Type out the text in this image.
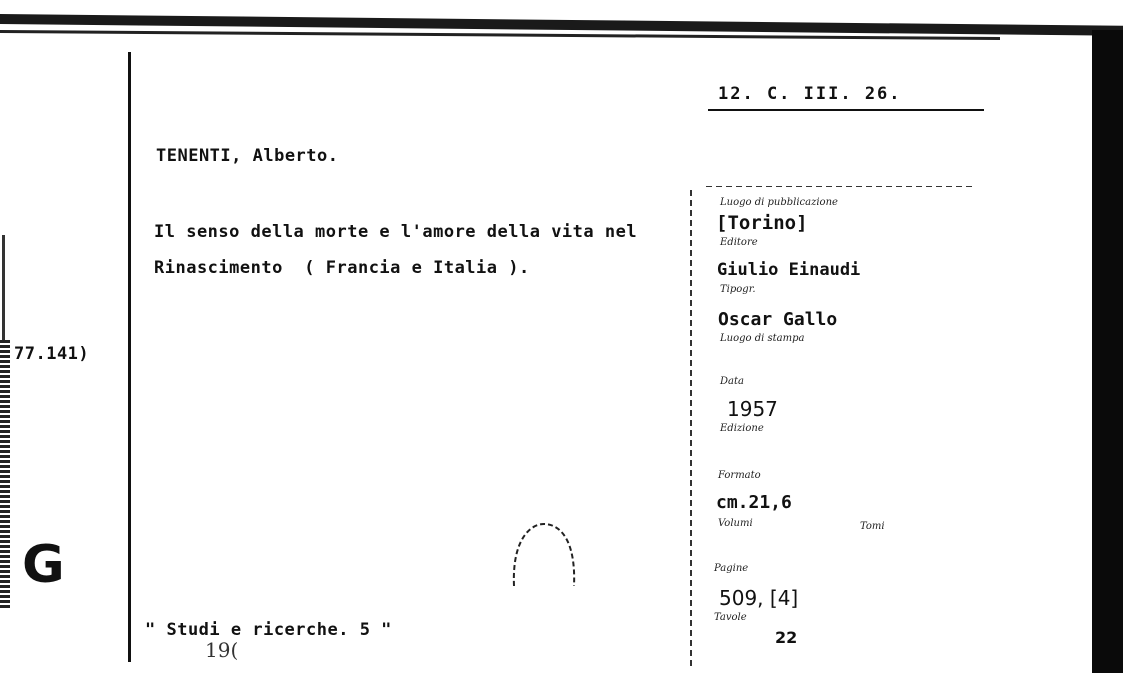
77.141)
G
12. C. III. 26.
TENENTI, Alberto.
Il senso della morte e l'amore della vita nel
Rinascimento  ( Francia e Italia ).
" Studi e ricerche. 5 "
19(
Luogo di pubblicazione
[Torino]
Editore
Giulio Einaudi
Tipogr.
Oscar Gallo
Luogo di stampa
Data
1957
Edizione
Formato
cm.21,6
Volumi	Tomi
Pagine
509, [4]
Tavole
22
